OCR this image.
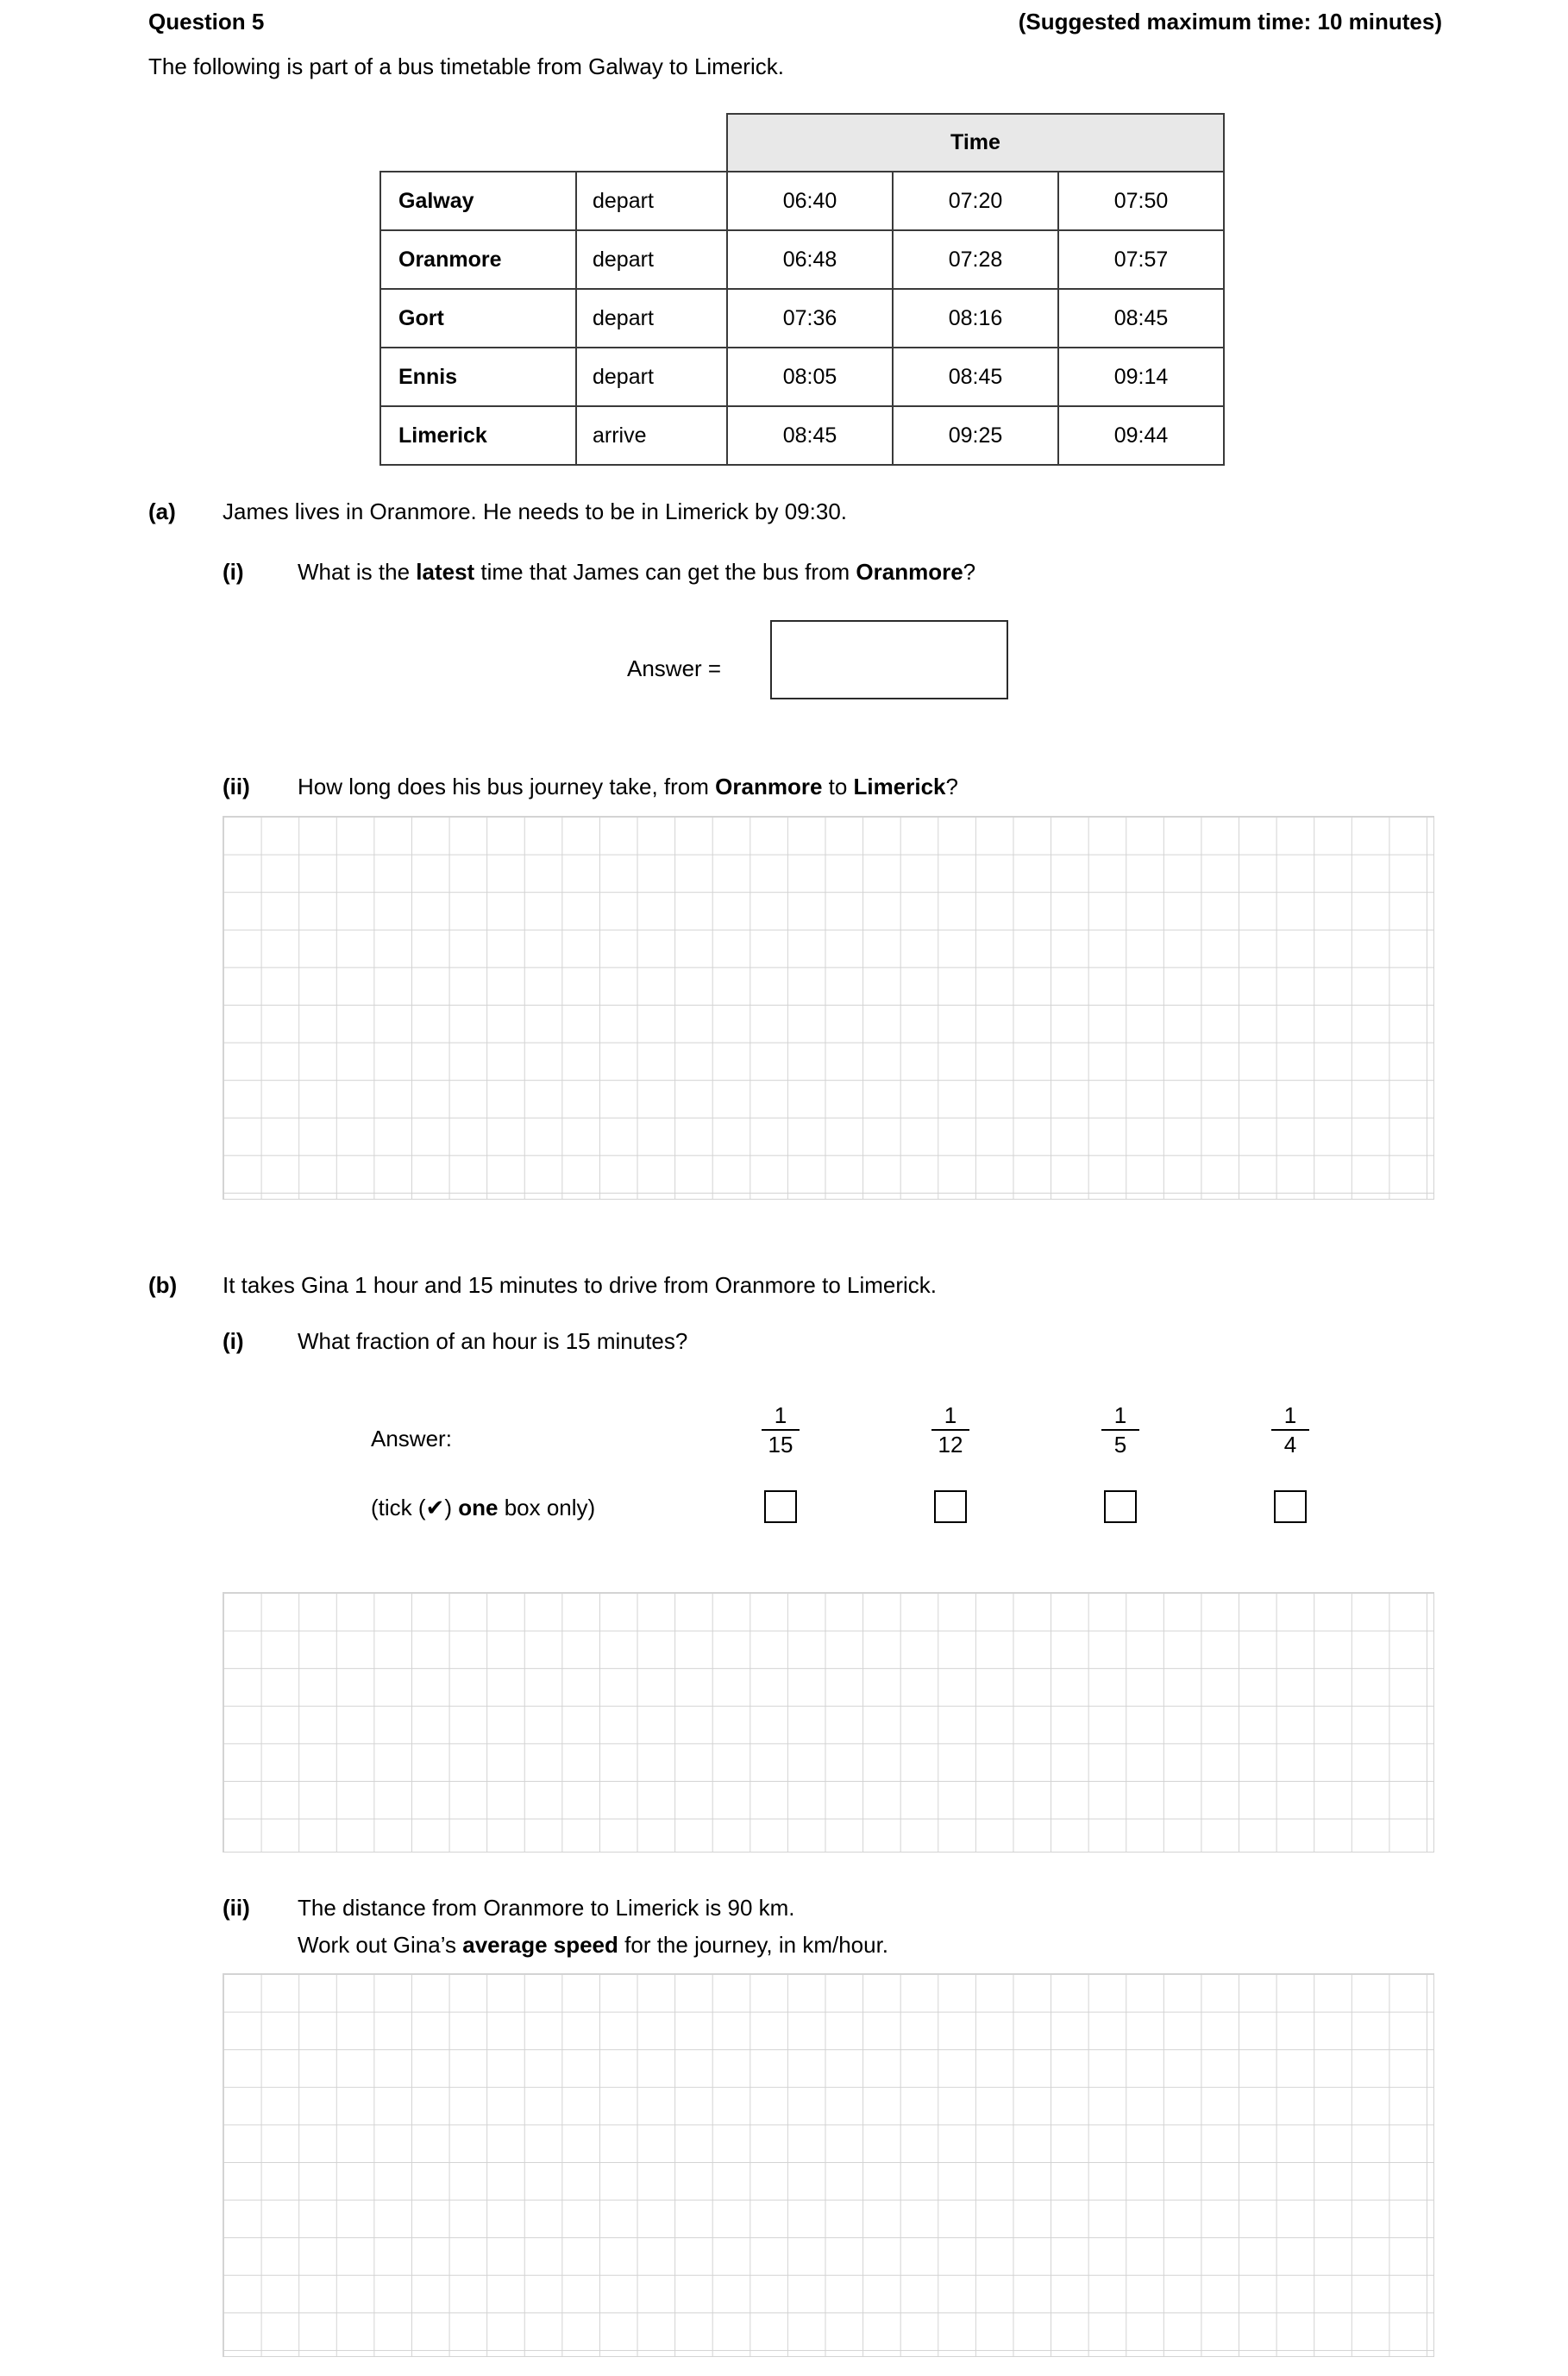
Question 5	(Suggested maximum time: 10 minutes)
The following is part of a bus timetable from Galway to Limerick.
		Time		
Galway	depart	06:40	07:20	07:50
Oranmore	depart	06:48	07:28	07:57
Gort	depart	07:36	08:16	08:45
Ennis	depart	08:05	08:45	09:14
Limerick	arrive	08:45	09:25	09:44
(a) James lives in Oranmore. He needs to be in Limerick by 09:30.
(i) What is the latest time that James can get the bus from Oranmore?
Answer =
(ii) How long does his bus journey take, from Oranmore to Limerick?
(b) It takes Gina 1 hour and 15 minutes to drive from Oranmore to Limerick.
(i) What fraction of an hour is 15 minutes?
Answer:
(tick (✔) one box only)
1
15
1
12
1
5
1
4
(ii) The distance from Oranmore to Limerick is 90 km.
Work out Gina’s average speed for the journey, in km/hour.
